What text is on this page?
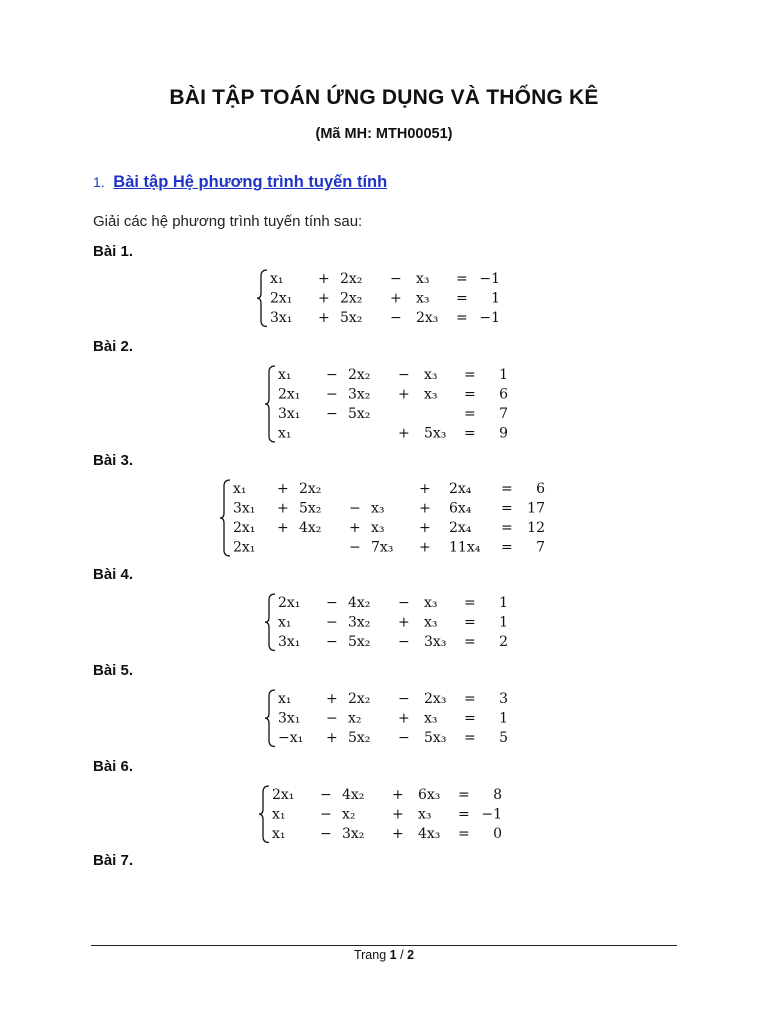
BÀI TẬP TOÁN ỨNG DỤNG VÀ THỐNG KÊ
(Mã MH: MTH00051)
1. Bài tập Hệ phương trình tuyến tính
Giải các hệ phương trình tuyến tính sau:
Bài 1.
Bài 2.
Bài 3.
Bài 4.
Bài 5.
Bài 6.
Bài 7.
x₁ + 2x₂ − x₃ = −1
2x₁ + 2x₂ + x₃ = 1
3x₁ + 5x₂ − 2x₃ = −1
x₁ − 2x₂ − x₃ = 1
2x₁ − 3x₂ + x₃ = 6
3x₁ − 5x₂	= 7
x₁	+ 5x₃ = 9
x₁ + 2x₂	+ 2x₄ = 6
3x₁ + 5x₂ − x₃ + 6x₄ = 17
2x₁ + 4x₂ + x₃ + 2x₄ = 12
2x₁	− 7x₃ + 11x₄ = 7
2x₁ − 4x₂ − x₃ = 1
x₁ − 3x₂ + x₃ = 1
3x₁ − 5x₂ − 3x₃ = 2
x₁ + 2x₂ − 2x₃ = 3
3x₁ − x₂	+ x₃ = 1
−x₁ + 5x₂ − 5x₃ = 5
2x₁ − 4x₂ + 6x₃ = 8
x₁ − x₂	+ x₃ = −1
x₁ − 3x₂ + 4x₃ = 0
Trang 1 / 2
